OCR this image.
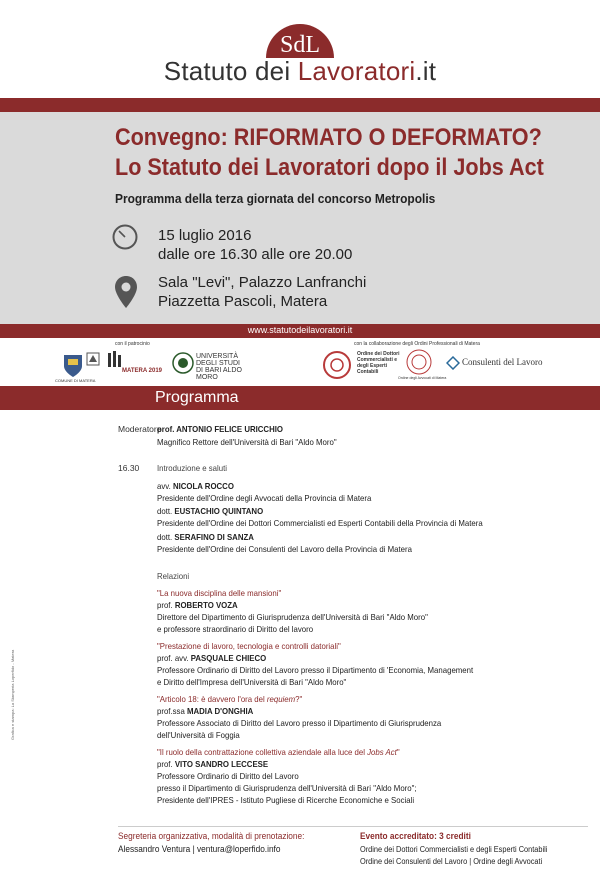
SdL
Statuto dei Lavoratori.it
Convegno: RIFORMATO O DEFORMATO?
Lo Statuto dei Lavoratori dopo il Jobs Act
Programma della terza giornata del concorso Metropolis
15 luglio 2016
dalle ore 16.30 alle ore 20.00
Sala "Levi", Palazzo Lanfranchi
Piazzetta Pascoli, Matera
www.statutodeilavoratori.it
con il patrocinio	con la collaborazione degli Ordini Professionali di Matera
COMUNE DI MATERA
MATERA 2019
UNIVERSITÀ DEGLI STUDI DI BARI ALDO MORO
Ordine dei Dottori Commercialisti e degli Esperti Contabili
Ordine degli Avvocati di Matera
Consulenti del Lavoro
Programma
Moderatore
prof. ANTONIO FELICE URICCHIO
Magnifico Rettore dell'Università di Bari "Aldo Moro"
16.30 Introduzione e saluti
avv. NICOLA ROCCO
Presidente dell'Ordine degli Avvocati della Provincia di Matera
dott. EUSTACHIO QUINTANO
Presidente dell'Ordine dei Dottori Commercialisti ed Esperti Contabili della Provincia di Matera
dott. SERAFINO DI SANZA
Presidente dell'Ordine dei Consulenti del Lavoro della Provincia di Matera
Relazioni
"La nuova disciplina delle mansioni"
prof. ROBERTO VOZA
Direttore del Dipartimento di Giurisprudenza dell'Università di Bari "Aldo Moro"
e professore straordinario di Diritto del lavoro
"Prestazione di lavoro, tecnologia e controlli datoriali"
prof. avv. PASQUALE CHIECO
Professore Ordinario di Diritto del Lavoro presso il Dipartimento di 'Economia, Management
e Diritto dell'Impresa dell'Università di Bari "Aldo Moro"
"Articolo 18: è davvero l'ora del requiem?"
prof.ssa MADIA D'ONGHIA
Professore Associato di Diritto del Lavoro presso il Dipartimento di Giurisprudenza
dell'Università di Foggia
"Il ruolo della contrattazione collettiva aziendale alla luce del Jobs Act"
prof. VITO SANDRO LECCESE
Professore Ordinario di Diritto del Lavoro
presso il Dipartimento di Giurisprudenza dell'Università di Bari "Aldo Moro";
Presidente dell'IPRES - Istituto Pugliese di Ricerche Economiche e Sociali
Segreteria organizzativa, modalità di prenotazione:
Alessandro Ventura | ventura@loperfido.info
Evento accreditato: 3 crediti
Ordine dei Dottori Commercialisti e degli Esperti Contabili
Ordine dei Consulenti del Lavoro | Ordine degli Avvocati
Grafica e stampa: La Stamperia Loperfido - Matera
